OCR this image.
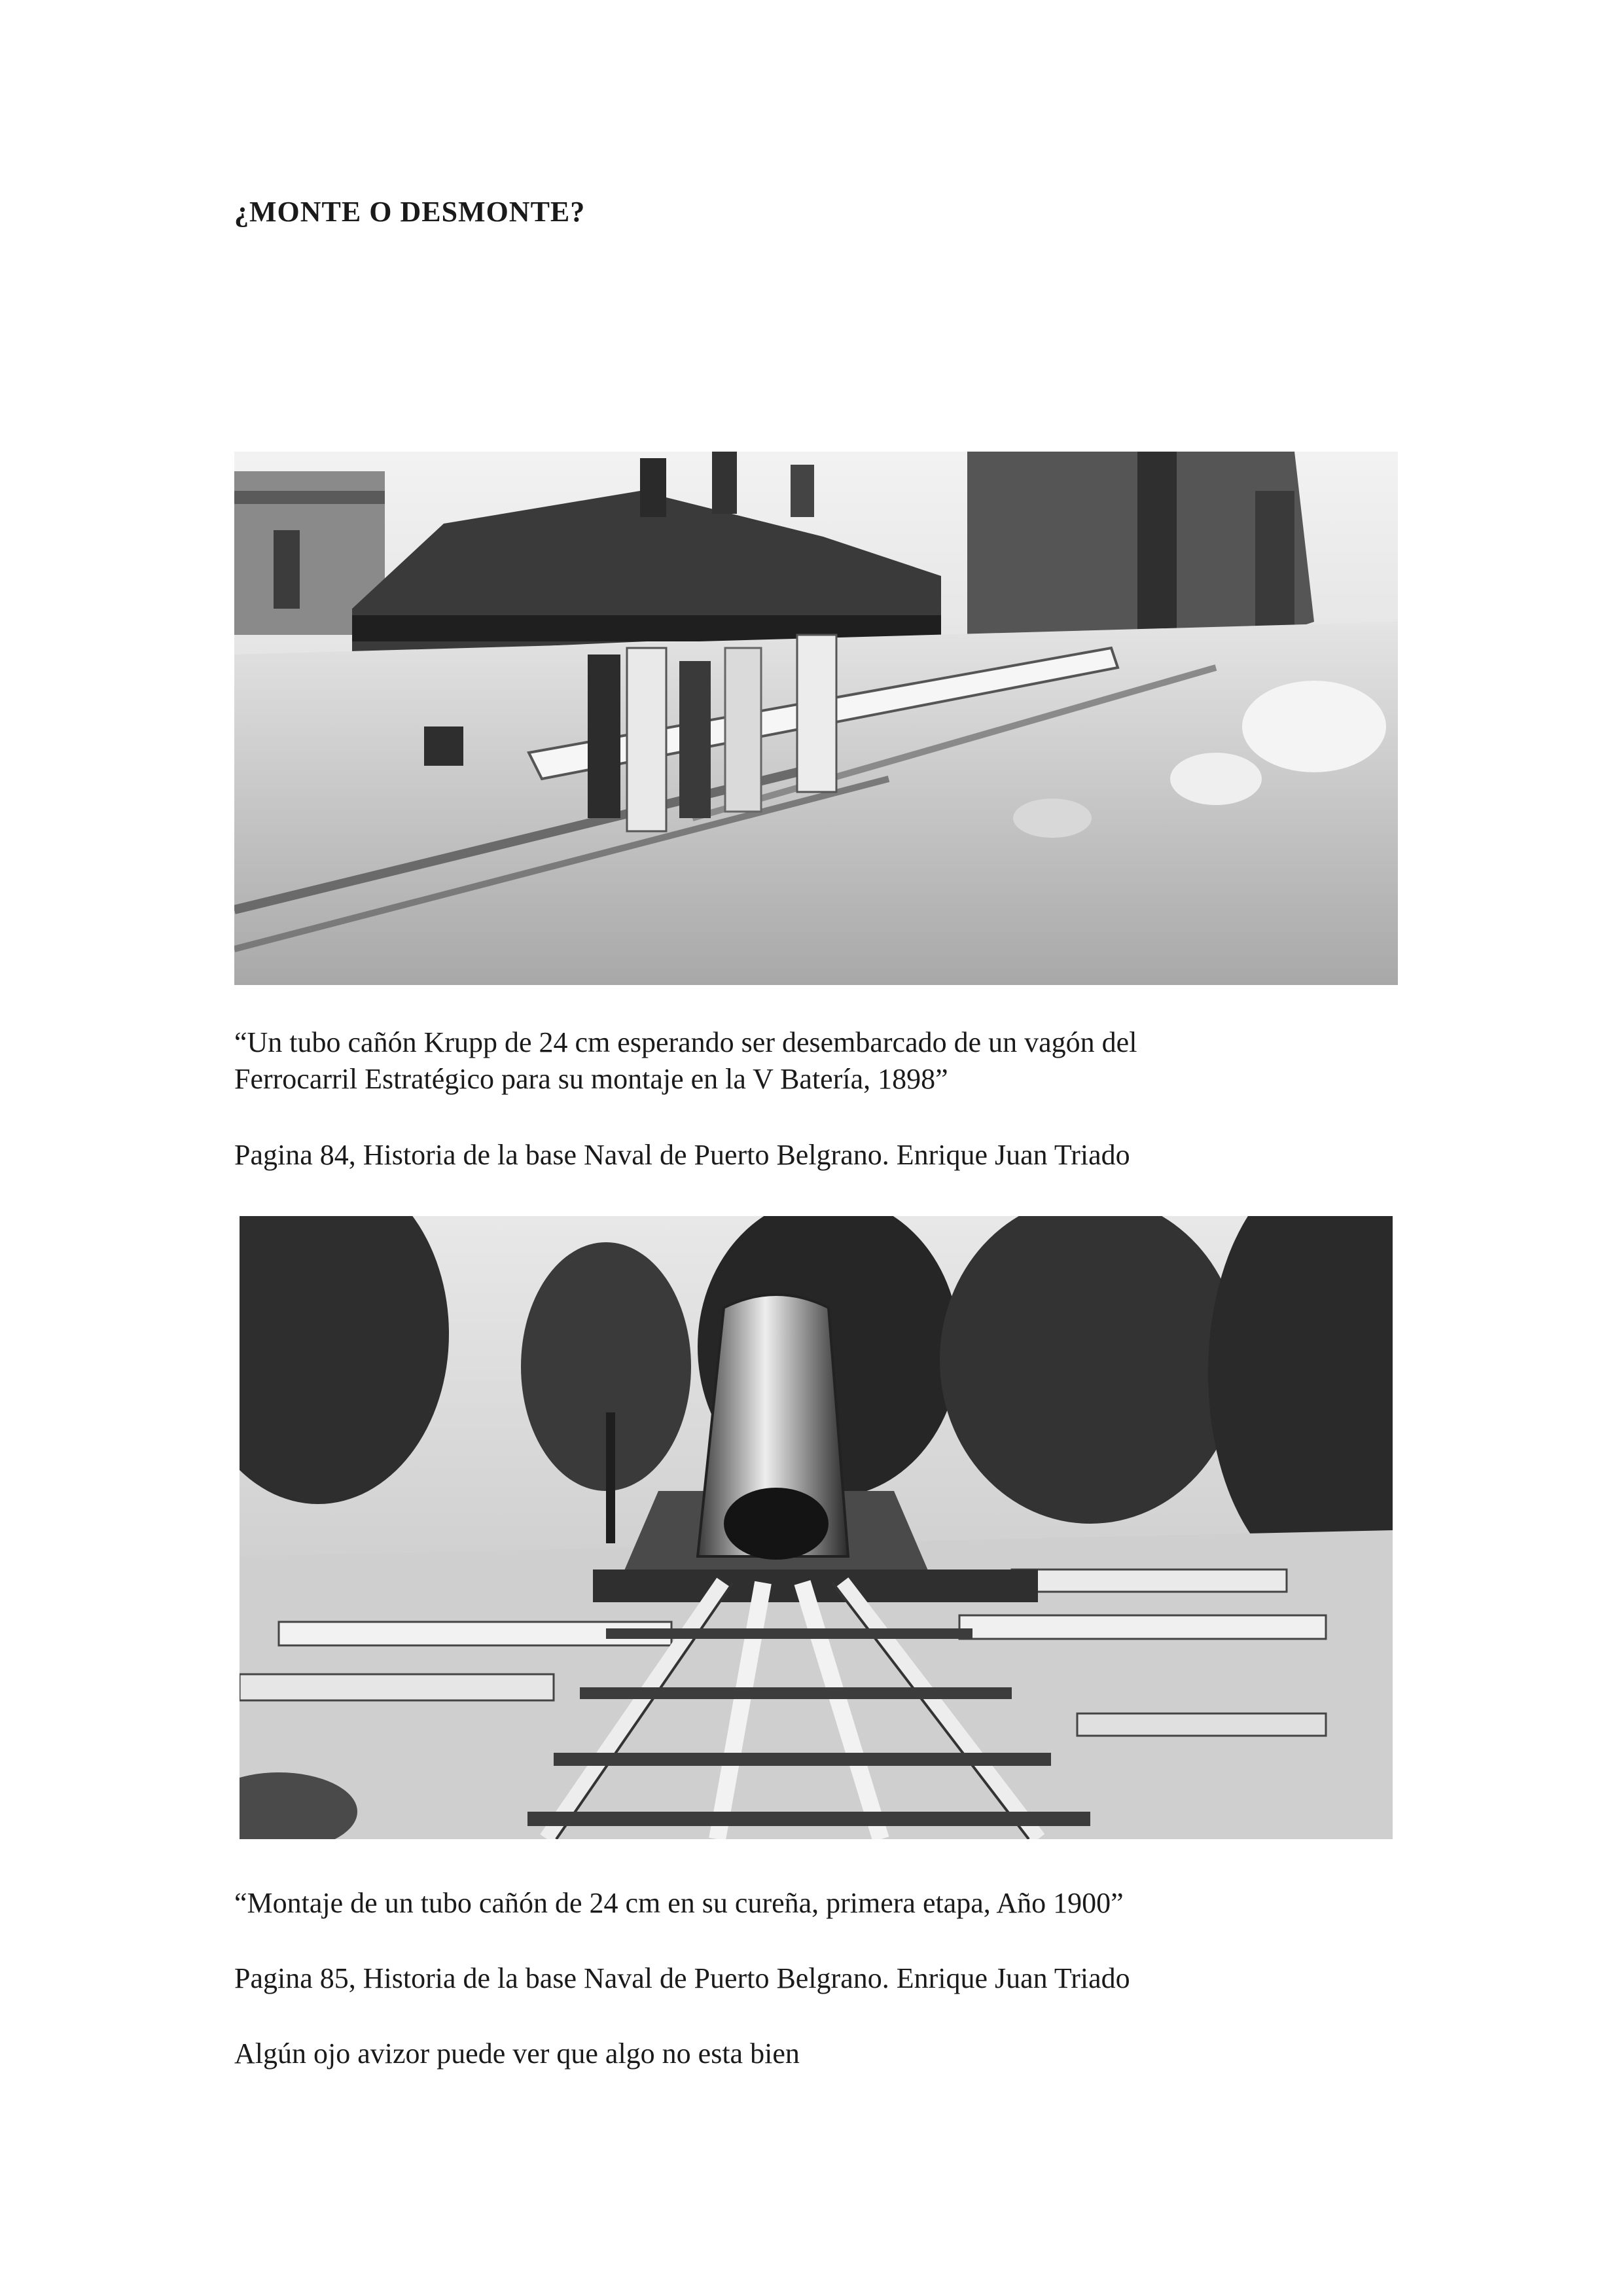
¿MONTE O DESMONTE?
“Un tubo cañón Krupp de 24 cm esperando ser desembarcado de un vagón del
Ferrocarril Estratégico para su montaje en la V Batería, 1898”
Pagina 84, Historia de la base Naval de Puerto Belgrano. Enrique Juan Triado
“Montaje de un tubo cañón de 24 cm en su cureña, primera etapa, Año 1900”
Pagina 85, Historia de la base Naval de Puerto Belgrano. Enrique Juan Triado
Algún ojo avizor puede ver que algo no esta bien
